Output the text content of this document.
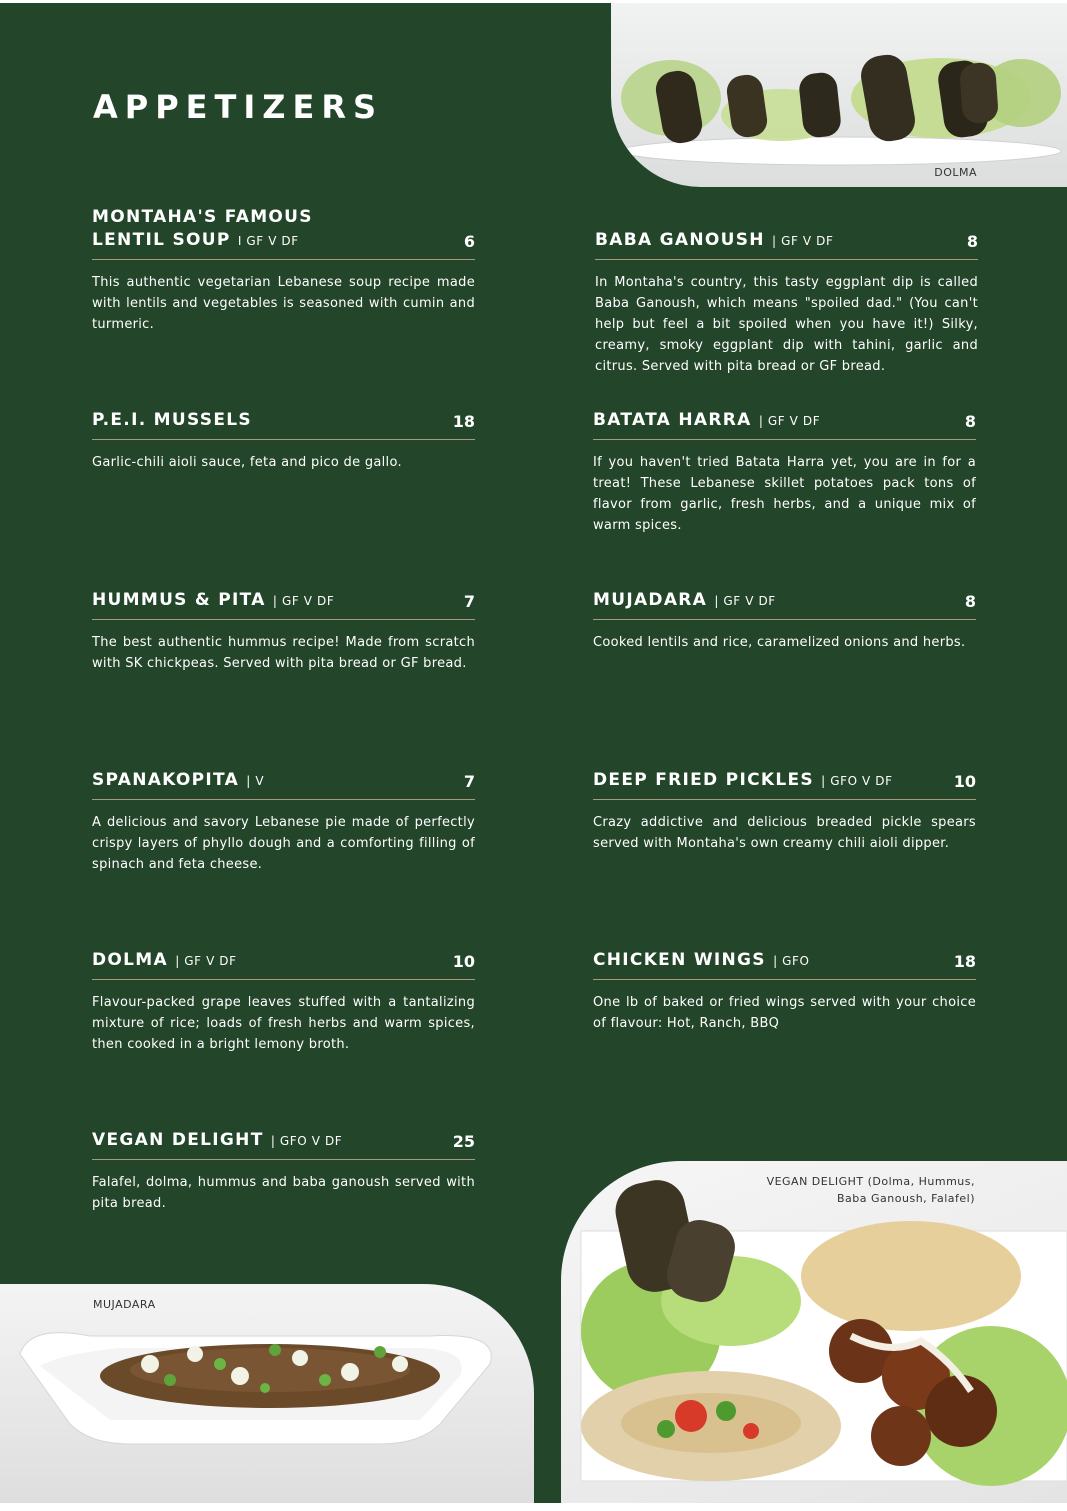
APPETIZERS
DOLMA
MONTAHA'S FAMOUS
LENTIL SOUP I GF V DF	6
This authentic vegetarian Lebanese soup recipe made with lentils and vegetables is seasoned with cumin and turmeric.
P.E.I. MUSSELS	18
Garlic-chili aioli sauce, feta and pico de gallo.
HUMMUS & PITA | GF V DF	7
The best authentic hummus recipe! Made from scratch with SK chickpeas. Served with pita bread or GF bread.
SPANAKOPITA | V	7
A delicious and savory Lebanese pie made of perfectly crispy layers of phyllo dough and a comforting filling of spinach and feta cheese.
DOLMA | GF V DF	10
Flavour-packed grape leaves stuffed with a tantalizing mixture of rice; loads of fresh herbs and warm spices, then cooked in a bright lemony broth.
VEGAN DELIGHT | GFO V DF	25
Falafel, dolma, hummus and baba ganoush served with pita bread.
BABA GANOUSH | GF V DF	8
In Montaha's country, this tasty eggplant dip is called Baba Ganoush, which means "spoiled dad." (You can't help but feel a bit spoiled when you have it!) Silky, creamy, smoky eggplant dip with tahini, garlic and citrus. Served with pita bread or GF bread.
BATATA HARRA | GF V DF	8
If you haven't tried Batata Harra yet, you are in for a treat! These Lebanese skillet potatoes pack tons of flavor from garlic, fresh herbs, and a unique mix of warm spices.
MUJADARA | GF V DF	8
Cooked lentils and rice, caramelized onions and herbs.
DEEP FRIED PICKLES | GFO V DF	10
Crazy addictive and delicious breaded pickle spears served with Montaha's own creamy chili aioli dipper.
CHICKEN WINGS | GFO	18
One lb of baked or fried wings served with your choice of flavour: Hot, Ranch, BBQ
MUJADARA
VEGAN DELIGHT (Dolma, Hummus,
Baba Ganoush, Falafel)
